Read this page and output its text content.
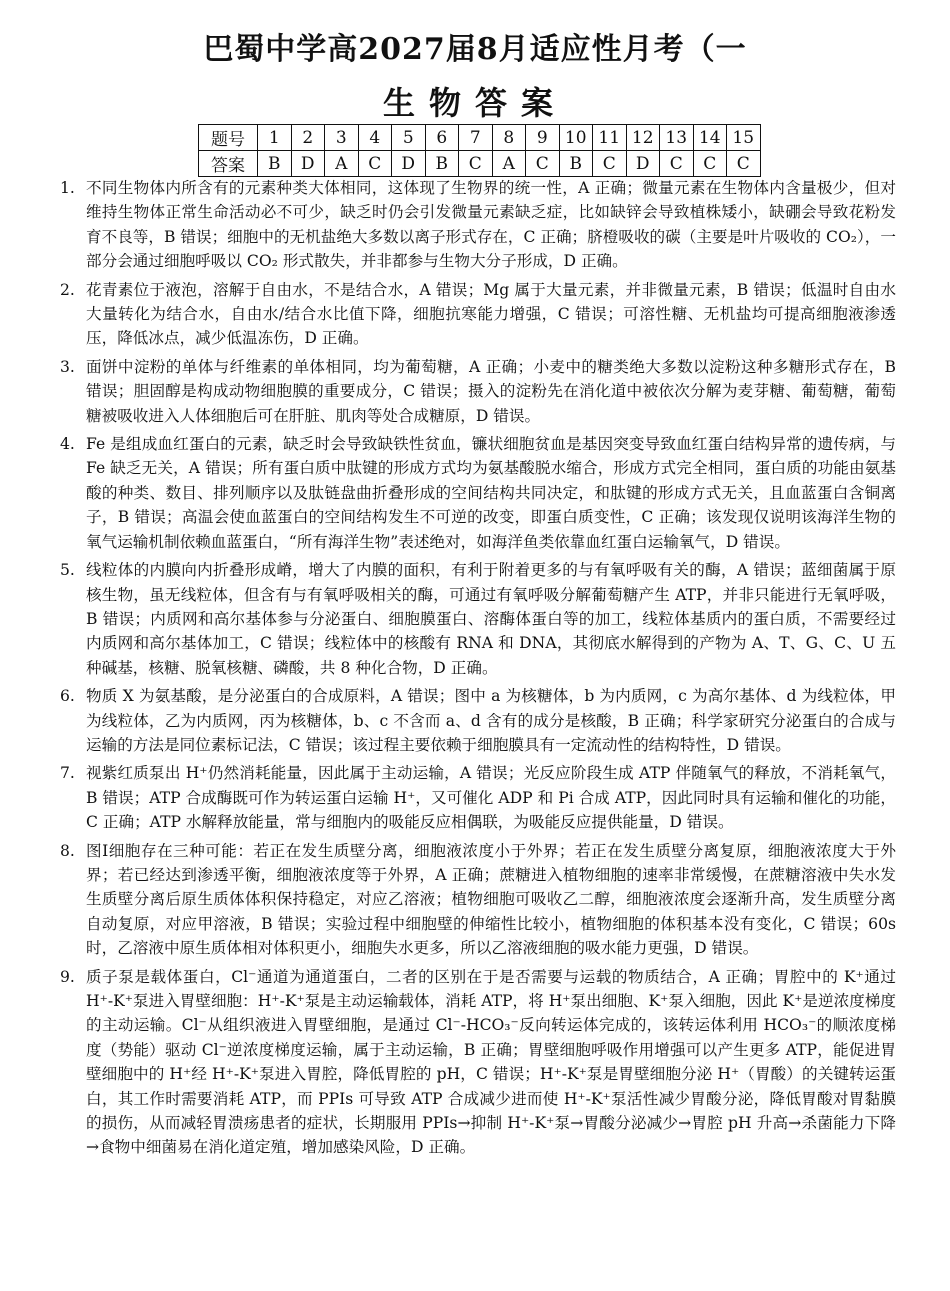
巴蜀中学高2027届8月适应性月考（一
生物答案
题号	1	2	3	4	5	6	7	8	9	10	11	12	13	14	15
答案	B	D	A	C	D	B	C	A	C	B	C	D	C	C	C
1. 不同生物体内所含有的元素种类大体相同，这体现了生物界的统一性，A 正确；微量元素在生物体内含量极少，但对维持生物体正常生命活动必不可少，缺乏时仍会引发微量元素缺乏症，比如缺锌会导致植株矮小，缺硼会导致花粉发育不良等，B 错误；细胞中的无机盐绝大多数以离子形式存在，C 正确；脐橙吸收的碳（主要是叶片吸收的 CO₂），一部分会通过细胞呼吸以 CO₂ 形式散失，并非都参与生物大分子形成，D 正确。
2. 花青素位于液泡，溶解于自由水，不是结合水，A 错误；Mg 属于大量元素，并非微量元素，B 错误；低温时自由水大量转化为结合水，自由水/结合水比值下降，细胞抗寒能力增强，C 错误；可溶性糖、无机盐均可提高细胞液渗透压，降低冰点，减少低温冻伤，D 正确。
3. 面饼中淀粉的单体与纤维素的单体相同，均为葡萄糖，A 正确；小麦中的糖类绝大多数以淀粉这种多糖形式存在，B 错误；胆固醇是构成动物细胞膜的重要成分，C 错误；摄入的淀粉先在消化道中被依次分解为麦芽糖、葡萄糖，葡萄糖被吸收进入人体细胞后可在肝脏、肌肉等处合成糖原，D 错误。
4. Fe 是组成血红蛋白的元素，缺乏时会导致缺铁性贫血，镰状细胞贫血是基因突变导致血红蛋白结构异常的遗传病，与 Fe 缺乏无关，A 错误；所有蛋白质中肽键的形成方式均为氨基酸脱水缩合，形成方式完全相同，蛋白质的功能由氨基酸的种类、数目、排列顺序以及肽链盘曲折叠形成的空间结构共同决定，和肽键的形成方式无关，且血蓝蛋白含铜离子，B 错误；高温会使血蓝蛋白的空间结构发生不可逆的改变，即蛋白质变性，C 正确；该发现仅说明该海洋生物的氧气运输机制依赖血蓝蛋白，“所有海洋生物”表述绝对，如海洋鱼类依靠血红蛋白运输氧气，D 错误。
5. 线粒体的内膜向内折叠形成嵴，增大了内膜的面积，有利于附着更多的与有氧呼吸有关的酶，A 错误；蓝细菌属于原核生物，虽无线粒体，但含有与有氧呼吸相关的酶，可通过有氧呼吸分解葡萄糖产生 ATP，并非只能进行无氧呼吸，B 错误；内质网和高尔基体参与分泌蛋白、细胞膜蛋白、溶酶体蛋白等的加工，线粒体基质内的蛋白质，不需要经过内质网和高尔基体加工，C 错误；线粒体中的核酸有 RNA 和 DNA，其彻底水解得到的产物为 A、T、G、C、U 五种碱基，核糖、脱氧核糖、磷酸，共 8 种化合物，D 正确。
6. 物质 X 为氨基酸，是分泌蛋白的合成原料，A 错误；图中 a 为核糖体，b 为内质网，c 为高尔基体、d 为线粒体，甲为线粒体，乙为内质网，丙为核糖体，b、c 不含而 a、d 含有的成分是核酸，B 正确；科学家研究分泌蛋白的合成与运输的方法是同位素标记法，C 错误；该过程主要依赖于细胞膜具有一定流动性的结构特性，D 错误。
7. 视紫红质泵出 H⁺仍然消耗能量，因此属于主动运输，A 错误；光反应阶段生成 ATP 伴随氧气的释放，不消耗氧气，B 错误；ATP 合成酶既可作为转运蛋白运输 H⁺，又可催化 ADP 和 Pi 合成 ATP，因此同时具有运输和催化的功能，C 正确；ATP 水解释放能量，常与细胞内的吸能反应相偶联，为吸能反应提供能量，D 错误。
8. 图Ⅰ细胞存在三种可能：若正在发生质壁分离，细胞液浓度小于外界；若正在发生质壁分离复原，细胞液浓度大于外界；若已经达到渗透平衡，细胞液浓度等于外界，A 正确；蔗糖进入植物细胞的速率非常缓慢，在蔗糖溶液中失水发生质壁分离后原生质体体积保持稳定，对应乙溶液；植物细胞可吸收乙二醇，细胞液浓度会逐渐升高，发生质壁分离自动复原，对应甲溶液，B 错误；实验过程中细胞壁的伸缩性比较小，植物细胞的体积基本没有变化，C 错误；60s 时，乙溶液中原生质体相对体积更小，细胞失水更多，所以乙溶液细胞的吸水能力更强，D 错误。
9. 质子泵是载体蛋白，Cl⁻通道为通道蛋白，二者的区别在于是否需要与运载的物质结合，A 正确；胃腔中的 K⁺通过 H⁺-K⁺泵进入胃壁细胞：H⁺-K⁺泵是主动运输载体，消耗 ATP，将 H⁺泵出细胞、K⁺泵入细胞，因此 K⁺是逆浓度梯度的主动运输。Cl⁻从组织液进入胃壁细胞，是通过 Cl⁻-HCO₃⁻反向转运体完成的，该转运体利用 HCO₃⁻的顺浓度梯度（势能）驱动 Cl⁻逆浓度梯度运输，属于主动运输，B 正确；胃壁细胞呼吸作用增强可以产生更多 ATP，能促进胃壁细胞中的 H⁺经 H⁺-K⁺泵进入胃腔，降低胃腔的 pH，C 错误；H⁺-K⁺泵是胃壁细胞分泌 H⁺（胃酸）的关键转运蛋白，其工作时需要消耗 ATP，而 PPIs 可导致 ATP 合成减少进而使 H⁺-K⁺泵活性减少胃酸分泌，降低胃酸对胃黏膜的损伤，从而减轻胃溃疡患者的症状，长期服用 PPIs→抑制 H⁺-K⁺泵→胃酸分泌减少→胃腔 pH 升高→杀菌能力下降→食物中细菌易在消化道定殖，增加感染风险，D 正确。
